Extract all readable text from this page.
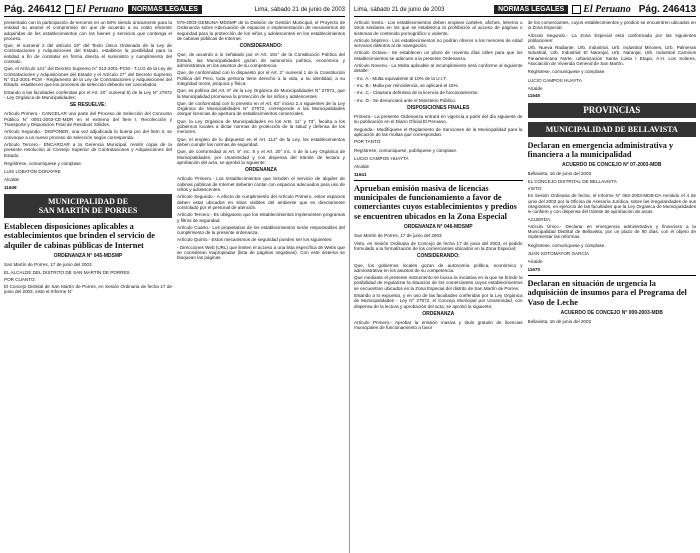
Pág. 246412	El Peruano	NORMAS LEGALES	Lima, sábado 21 de junio de 2003

presentado con la participación de terceros en un 50% siendo únicamente para la entidad su asume el compromiso sin que de acuerdo a su costo eficiente adquiridas de los establecimientos con los bienes y servicios que contenga el proceso.

Que, el numeral 2 del artículo 19° del Texto Único Ordenado de la Ley de Contrataciones y Adquisiciones del Estado, establece la posibilidad para la entidad a fin de contratar en forma directa el suministro y cumplimiento del contrato.

Que, el Artículo 141° del Decreto Supremo N° 013-2001-PCM - T.U.O de la Ley de Contrataciones y Adquisiciones del Estado y el Artículo 27° del Decreto Supremo N° 013-2001-PCM - Reglamento de la Ley de Contrataciones y Adquisiciones del Estado, establecen que los procesos de selección deberán ser cancelados.

Estando a las facultades conferidas por el Art. 20° numeral 6) de la Ley N° 27972 - Ley Orgánica de Municipalidades;

SE RESUELVE:

Artículo Primero.- CANCELAR una parte del Proceso de Selección del Concurso Público N° 0001-2003-CE-MDR en el extremo del Ítem I, Recolección y Transporte y Disposición Final de Residuos Sólidos.

Artículo Segundo.- DISPONER, una vez adjudicada la buena pro del Ítem II, se convoque a un nuevo proceso de selección según corresponda.

Artículo Tercero.- ENCARGAR a la Gerencia Municipal, remitir copia de la presente resolución al Consejo Superior de Contrataciones y Adquisiciones del Estado.

Regístrese, comuníquese y cúmplase.

LUIS LOBATÓN DONAYRE

Alcalde

11649

MUNICIPALIDAD DE
SAN MARTÍN DE PORRES
Establecen disposiciones aplicables a establecimientos que brinden el servicio de alquiler de cabinas públicas de Internet

ORDENANZA N° 045-MDSMP

San Martín de Porres, 17 de junio del 2003.

EL ALCALDE DEL DISTRITO DE SAN MARTÍN DE PORRES

POR CUANTO:

El Concejo Distrital de San Martín de Porres, en Sesión Ordinaria de fecha 17 de junio del 2003, visto el Informe N°

079-2003-GEMUNA-MDSMP de la División de Gestión Municipal, el Proyecto de Ordenanza sobre Adecuación de espacios e implementación de mecanismos de seguridad para la protección de los niños y adolescentes en los establecimientos de cabinas públicas de Internet.

CONSIDERANDO:

Que, de acuerdo a lo señalado por el Art. 191° de la Constitución Política del Estado, las Municipalidades gozan de autonomía política, económica y administrativa en los asuntos de su competencia.

Que, de conformidad con lo dispuesto por el Art. 2° numeral 1 de la Constitución Política del Perú, toda persona tiene derecho a la vida, a su identidad, a su integridad moral, psíquica y física.

Que, es política del Art. 9° de la Ley Orgánica de Municipalidades N° 27972, que la Municipalidad promueva la protección de los niños y adolescentes.

Que, de conformidad con lo previsto en el Art. 83° inciso 2.4 siguientes de la Ley Orgánica de Municipalidades N° 27972, corresponde a las Municipalidades otorgar licencias de apertura de establecimientos comerciales.

Que, la Ley Orgánica de Municipalidades en los Arts. 11° y 73°, faculta a los gobiernos locales a dictar normas de protección de la salud y defensa de los menores.

Que, el empleo de lo dispuesto en el Art. 114° de la Ley, los establecimientos deben cumplir las normas de seguridad.

Que, de conformidad al Art. 9° inc. 8 y el Art. 20° inc. 4 de la Ley Orgánica de Municipalidades, por Unanimidad y con dispensa del trámite de lectura y aprobación del acta, se aprobó la siguiente:

ORDENANZA

Artículo Primero.- Los Establecimientos que brinden el servicio de alquiler de cabinas públicas de Internet deberán contar con espacios adecuados para uso de niños y adolescentes.

Artículo Segundo.- A efecto de cumplimiento del Artículo Primero, estos espacios deben estar ubicados en sitios visibles del ambiente que es directamente controlado por el personal de atención.

Artículo Tercero.- Es obligatorio que los establecimientos implementen programas y filtros de seguridad.

Artículo Cuarto.- Los propietarios de los establecimientos serán responsables del cumplimiento de la presente ordenanza.

Artículo Quinto.- Estos mecanismos de seguridad pueden ser los siguientes:

- Direcciones Web (URL) que limiten el acceso a una lista específica de Webs que se consideran inapropiadas (lista de páginas negativas). Con este sistema se bloquean las páginas.

Lima, sábado 21 de junio de 2003	NORMAS LEGALES	El Peruano Pág. 246413

Artículo Sexto.- Los establecimientos deben emplear carteles, afiches, letreros u otros similares en los que se establezca la prohibición al acceso de páginas o sistemas de contenido pornográfico o violento.

Artículo Séptimo.- Los establecimientos no podrán ofrecer a los menores de edad servicios distintos al de navegación.

Artículo Octavo.- Se establecen un plazo de noventa días útiles para que los establecimientos se adecuen a la presente Ordenanza.

Artículo Noveno.- La Multa aplicable al incumplimiento será conforme al siguiente detalle:

- Inc. A.- Multa equivalente al 10% de la U.I.T.

- Inc. B.- Multa por reincidencia, se aplicará el 15%.

- Inc. C.- Clausura definitiva de la licencia de funcionamiento.

- Inc. D.- Se denunciará ante el Ministerio Público.

DISPOSICIONES FINALES

Primera.- La presente Ordenanza entrará en vigencia a partir del día siguiente de su publicación en el Diario Oficial El Peruano.

Segunda.- Modifíquese el Reglamento de Sanciones de la Municipalidad para la aplicación de las multas que correspondan.

POR TANTO:

Regístrese, comuníquese, publíquese y cúmplase.

LUCIO CAMPOS HUAYTA

Alcalde

11641

Aprueban emisión masiva de licencias municipales de funcionamiento a favor de comerciantes cuyos establecimientos y predios se encuentren ubicados en la Zona Especial

ORDENANZA N° 046-MDSMP

San Martín de Porres, 17 de junio del 2003

Visto, en Sesión Ordinaria de Concejo de fecha 17 de junio del 2003, el pedido formulado a la formalización de los comerciantes ubicados en la Zona Especial;

CONSIDERANDO:

Que, los gobiernos locales gozan de autonomía política, económica y administrativa en los asuntos de su competencia.

Que mediante el presente instrumento se busca la iniciativa en la que se brinde la posibilidad de regularizar la situación de los comerciantes cuyos establecimientos se encuentran ubicados en la Zona Especial del distrito de San Martín de Porres.

Estando a lo expuesto, y en uso de las facultades conferidas por la Ley Orgánica de Municipalidades - Ley N° 27972, el Concejo Municipal por Unanimidad, con dispensa de la lectura y aprobación del acta, se aprobó la siguiente:

ORDENANZA

Artículo Primero.- Aprobar la emisión masiva y titulo gratuito de licencias municipales de funcionamiento a favor

de los comerciantes, cuyos establecimientos y predios se encuentren ubicados en la Zona Especial.

Artículo Segundo.- La Zona Especial está conformada por las siguientes poblaciones:

Urb. Nueva Radiante, Urb. Industrial, Urb. Industrial Mirones, Urb. Palmeras Industrial, Urb. Industrial El Naranjal, Urb. Naranjal, Urb. Industrial Caminos Panamericana Norte, urbanización Santa Luisa I Etapa, A.H. Los Solares, Asociación de Vivienda General de San Martín.

Regístrese, comuníquese y cúmplase.

LUCIO CAMPOS HUAYTA

Alcalde

11645

PROVINCIAS
MUNICIPALIDAD DE BELLAVISTA
Declaran en emergencia administrativa y financiera a la municipalidad

ACUERDO DE CONCEJO N° 07-2003-MDB

Bellavista, 16 de junio del 2003

EL CONCEJO DISTRITAL DE BELLAVISTA

VISTO:

En Sesión Ordinaria de fecha, el Informe N° 082-2003-MDB-DA remitido el 4 de junio del 2003 por la Oficina de Asesoría Jurídica, sobre las irregularidades de sus integrantes, en ejercicio de las facultades que la Ley Orgánica de Municipalidades le confiere y con dispensa del trámite de aprobación de actas.

ACUERDA:

Artículo Único.- Declarar en emergencia administrativa y financiera a la Municipalidad Distrital de Bellavista, por un plazo de 90 días, con el objeto de implementar las reformas.

Regístrese, comuníquese y cúmplase.

JUAN SOTOMAYOR GARCÍA

Alcalde

11670

Declaran en situación de urgencia la adquisición de insumos para el Programa del Vaso de Leche

ACUERDO DE CONCEJO N° 009-2003-MDB

Bellavista, 16 de junio del 2003
